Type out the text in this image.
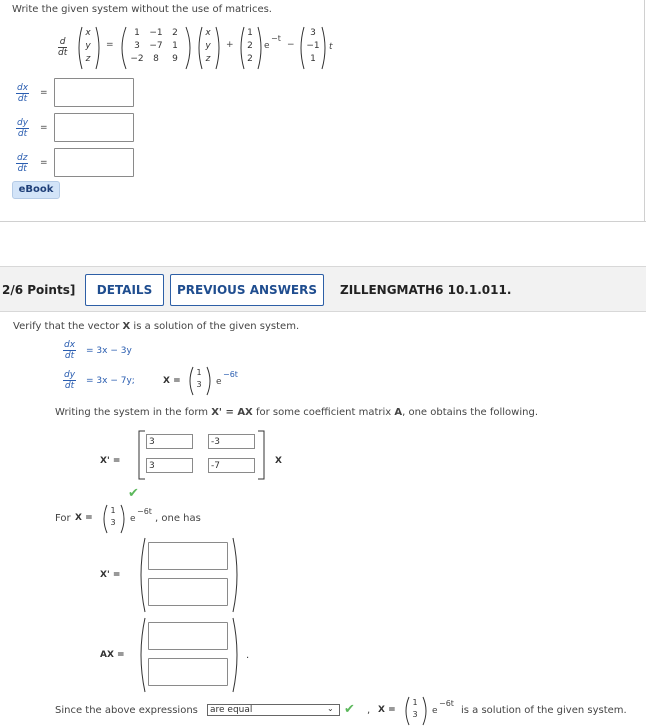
Write the given system without the use of matrices.
$\frac{d}{dt}$
x
y
z
=
1	−1	2
3	−7	1
−2	8	9
x
y
z
+
1
2
2
e
−t
−
3
−1
1
t
$\frac{dx}{dt}$ =
$\frac{dy}{dt}$ =
$\frac{dz}{dt}$ =
eBook
2/6 Points]	DETAILS	PREVIOUS ANSWERS	ZILLENGMATH6 10.1.011.
Verify that the vector X is a solution of the given system.
$\frac{dx}{dt} = 3x - 3y$
$\frac{dy}{dt} = 3x - 7y$;	X =
1
3	e
−6t
Writing the system in the form X' = AX for some coefficient matrix A, one obtains the following.
X' =
3	-3
3	-7	X
✔
For X =
1
3	e
−6t
, one has
X' =
AX =	.
Since the above expressions	are equal	⌄ ✔ , X =
1
3	e
−6t
is a solution of the given system.
